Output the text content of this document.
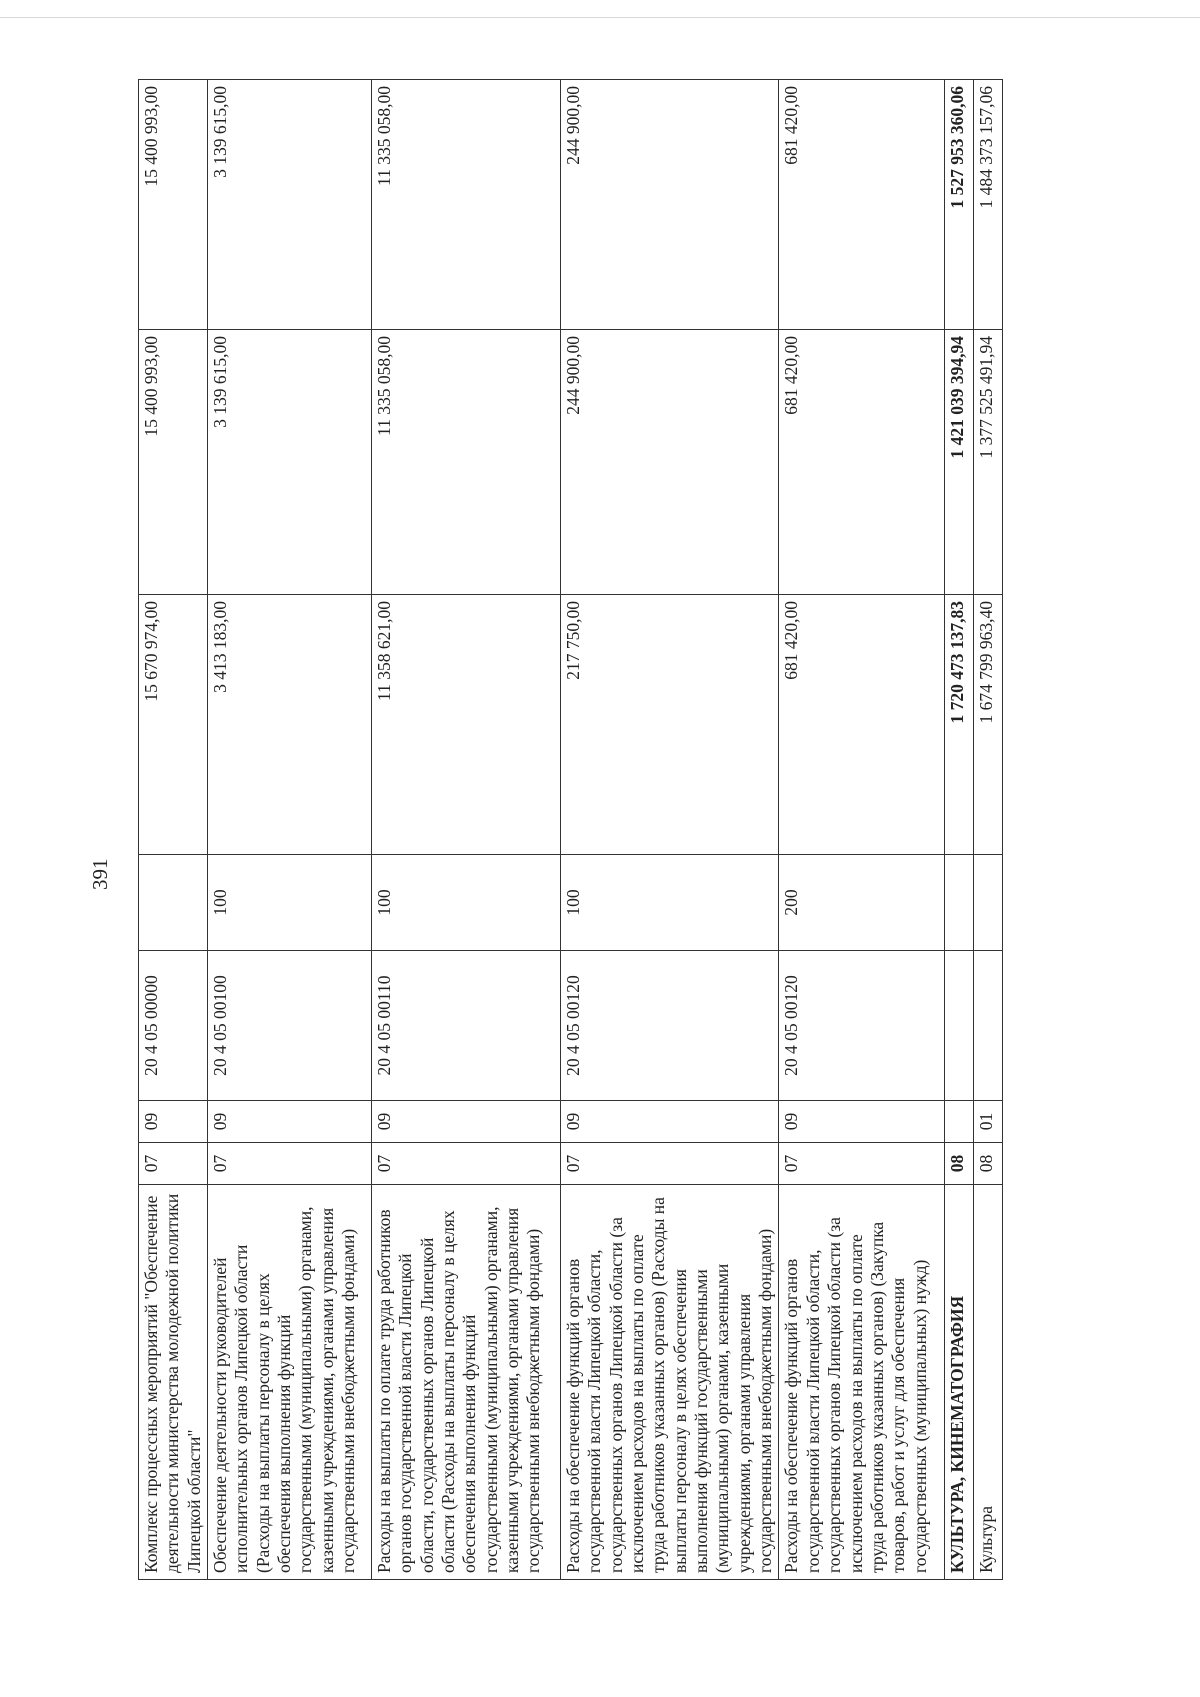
391
Комплекс процессных мероприятий "Обеспечение деятельности министерства молодежной политики Липецкой области"	07	09	20 4 05 00000		15 670 974,00	15 400 993,00	15 400 993,00
Обеспечение деятельности руководителей исполнительных органов Липецкой области (Расходы на выплаты персоналу в целях обеспечения выполнения функций государственными (муниципальными) органами, казенными учреждениями, органами управления государственными внебюджетными фондами)	07	09	20 4 05 00100	100	3 413 183,00	3 139 615,00	3 139 615,00
Расходы на выплаты по оплате труда работников органов государственной власти Липецкой области, государственных органов Липецкой области (Расходы на выплаты персоналу в целях обеспечения выполнения функций государственными (муниципальными) органами, казенными учреждениями, органами управления государственными внебюджетными фондами)	07	09	20 4 05 00110	100	11 358 621,00	11 335 058,00	11 335 058,00
Расходы на обеспечение функций органов государственной власти Липецкой области, государственных органов Липецкой области (за исключением расходов на выплаты по оплате труда работников указанных органов) (Расходы на выплаты персоналу в целях обеспечения выполнения функций государственными (муниципальными) органами, казенными учреждениями, органами управления государственными внебюджетными фондами)	07	09	20 4 05 00120	100	217 750,00	244 900,00	244 900,00
Расходы на обеспечение функций органов государственной власти Липецкой области, государственных органов Липецкой области (за исключением расходов на выплаты по оплате труда работников указанных органов) (Закупка товаров, работ и услуг для обеспечения государственных (муниципальных) нужд)	07	09	20 4 05 00120	200	681 420,00	681 420,00	681 420,00
КУЛЬТУРА, КИНЕМАТОГРАФИЯ	08				1 720 473 137,83	1 421 039 394,94	1 527 953 360,06
Культура	08	01			1 674 799 963,40	1 377 525 491,94	1 484 373 157,06
